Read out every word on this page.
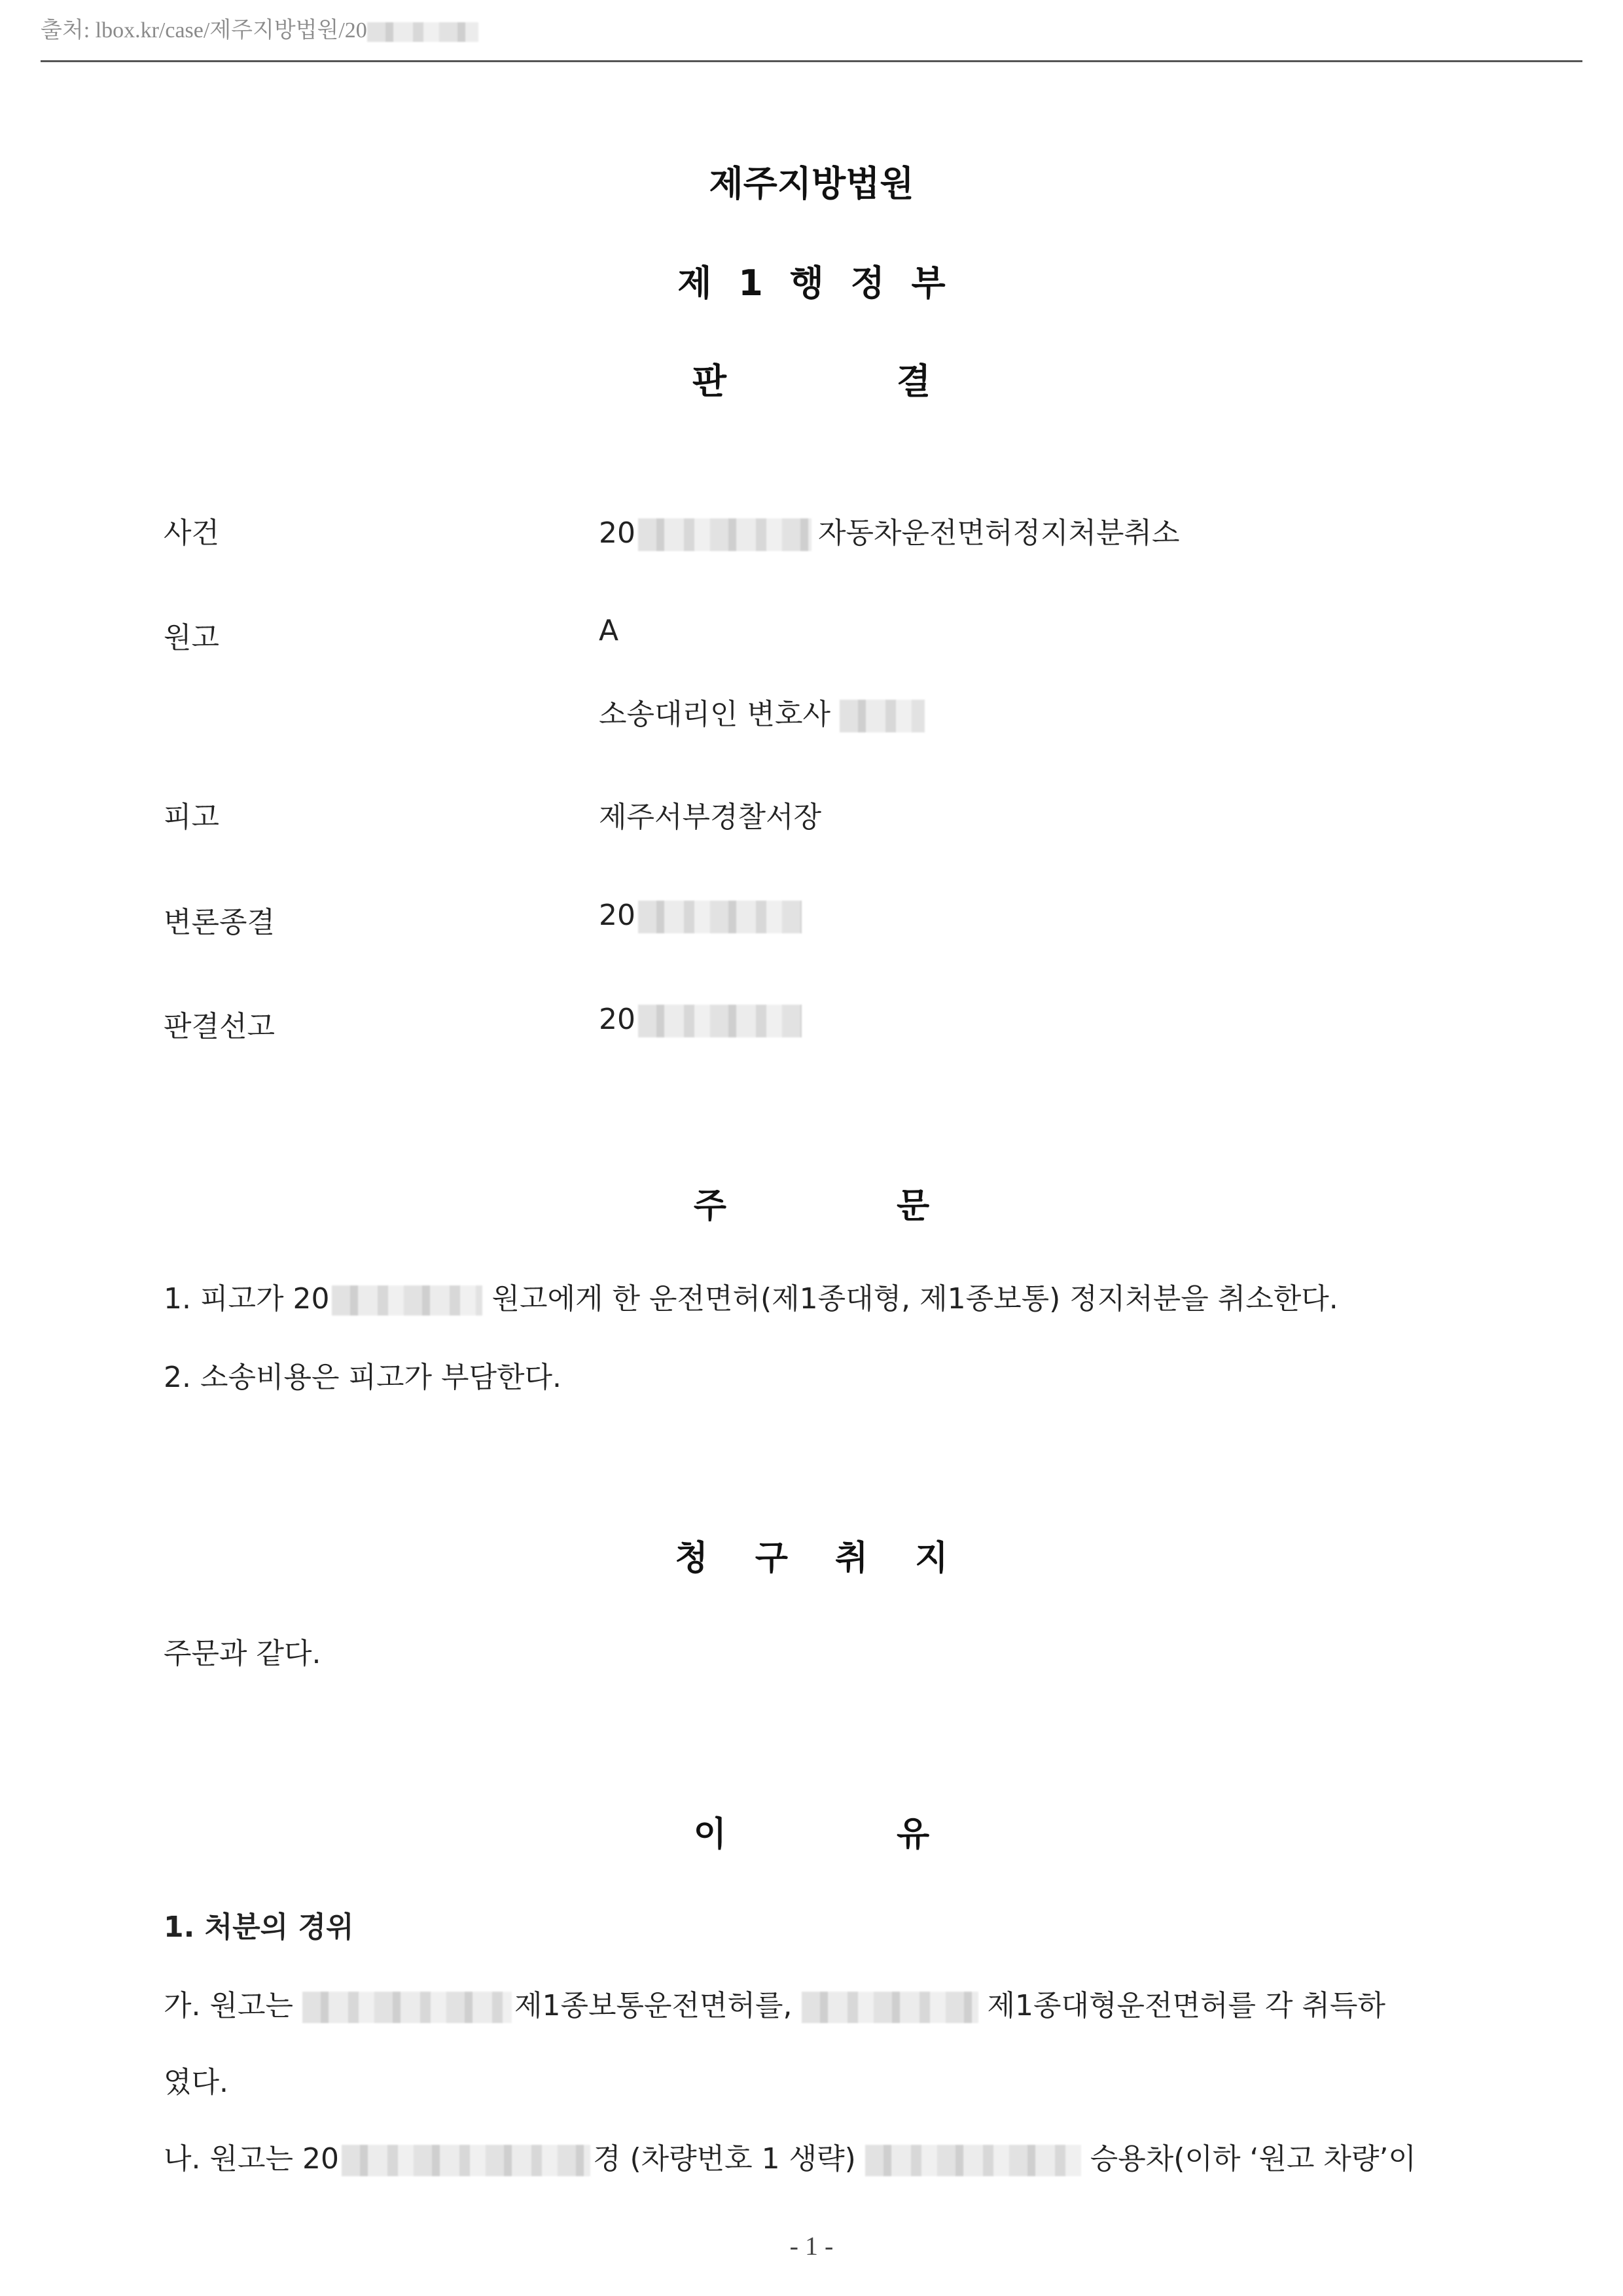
출처: lbox.kr/case/제주지방법원/20
제주지방법원
제 1 행 정 부
판	결
사건	20	자동차운전면허정지처분취소
원고	A
소송대리인 변호사
피고	제주서부경찰서장
변론종결	20
판결선고	20
주	문
1. 피고가 20	원고에게 한 운전면허(제1종대형, 제1종보통) 정지처분을 취소한다.
2. 소송비용은 피고가 부담한다.
청 구 취 지
주문과 같다.
이	유
1. 처분의 경위
가. 원고는	제1종보통운전면허를,	제1종대형운전면허를 각 취득하
였다.
나. 원고는 20	경 (차량번호 1 생략)	승용차(이하 ‘원고 차량’이
- 1 -
